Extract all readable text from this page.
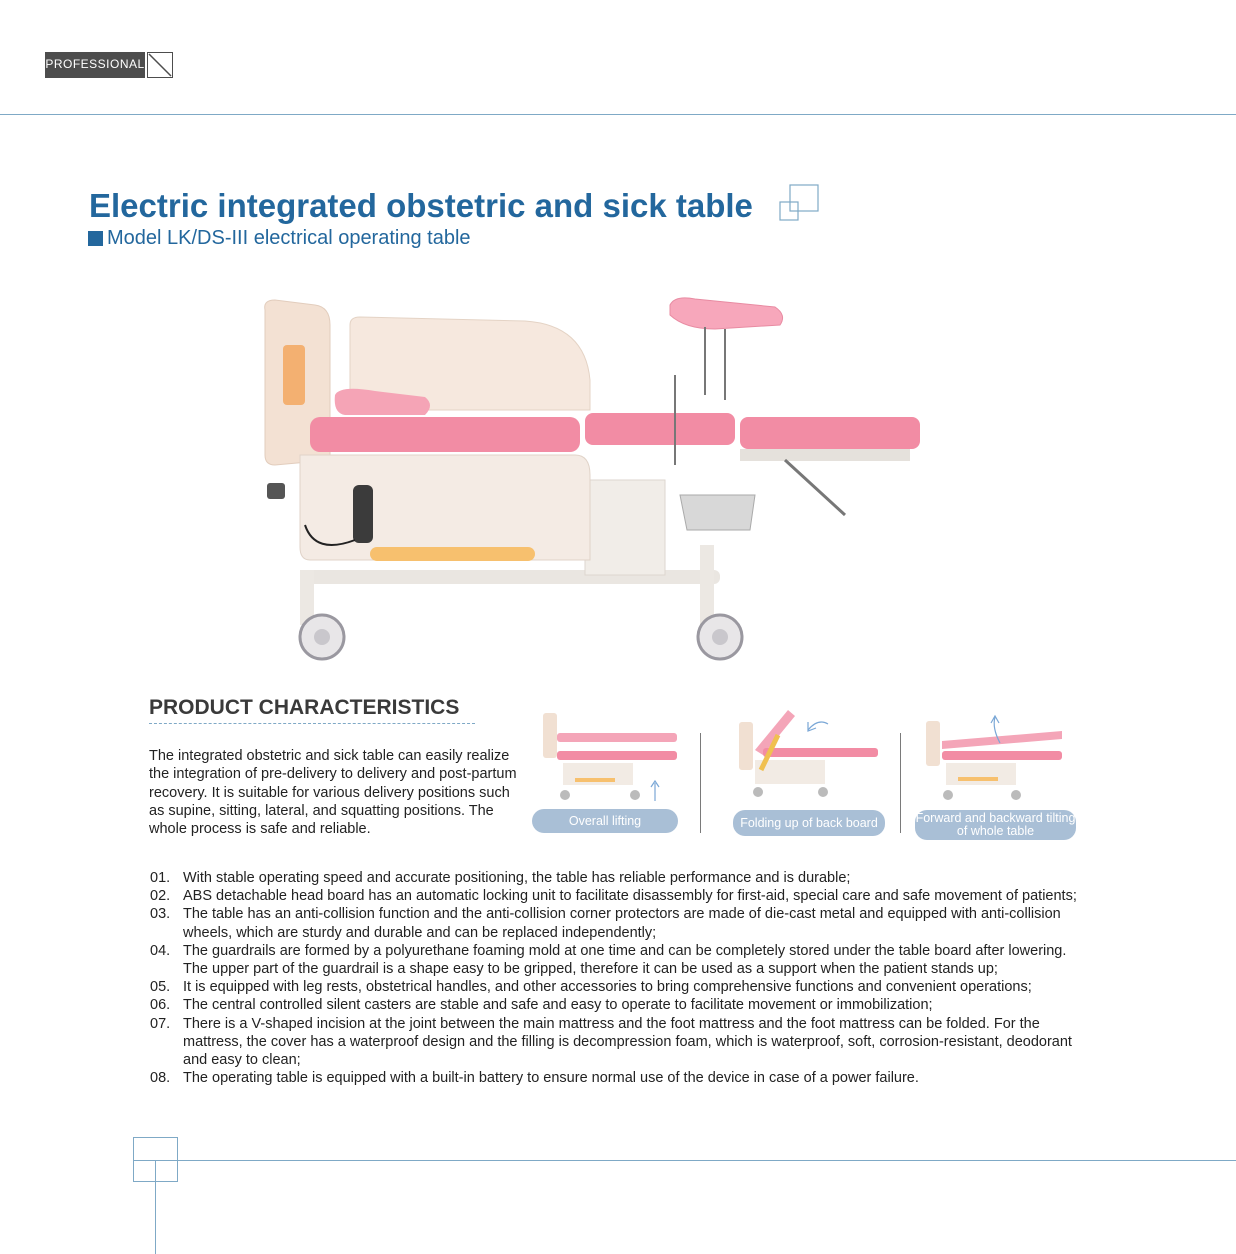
PROFESSIONAL
Electric integrated obstetric and sick table
Model LK/DS-III electrical operating table
PRODUCT CHARACTERISTICS
The integrated obstetric and sick table can easily realize the integration of pre-delivery to delivery and post-partum recovery. It is suitable for various delivery positions such as supine, sitting, lateral, and squatting positions. The whole process is safe and reliable.
Overall lifting	Folding up of back board	Forward and backward tilting of whole table
01. With stable operating speed and accurate positioning, the table has reliable performance and is durable;
02. ABS detachable head board has an automatic locking unit to facilitate disassembly for first-aid, special care and safe movement of patients;
03. The table has an anti-collision function and the anti-collision corner protectors are made of die-cast metal and equipped with anti-collision wheels, which are sturdy and durable and can be replaced independently;
04. The guardrails are formed by a polyurethane foaming mold at one time and can be completely stored under the table board after lowering. The upper part of the guardrail is a shape easy to be gripped, therefore it can be used as a support when the patient stands up;
05. It is equipped with leg rests, obstetrical handles, and other accessories to bring comprehensive functions and convenient operations;
06. The central controlled silent casters are stable and safe and easy to operate to facilitate movement or immobilization;
07. There is a V-shaped incision at the joint between the main mattress and the foot mattress and the foot mattress can be folded. For the mattress, the cover has a waterproof design and the filling is decompression foam, which is waterproof, soft, corrosion-resistant, deodorant and easy to clean;
08. The operating table is equipped with a built-in battery to ensure normal use of the device in case of a power failure.
